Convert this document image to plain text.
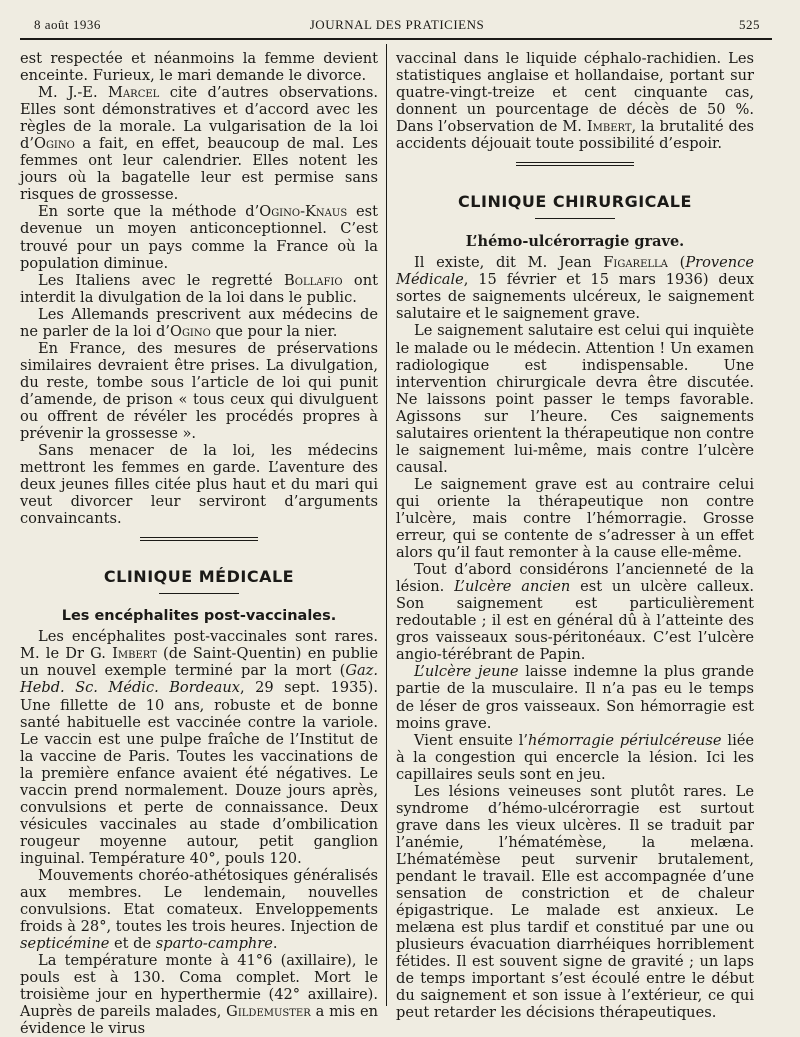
8 août 1936	JOURNAL DES PRATICIENS	525

est respectée et néanmoins la femme devient enceinte. Furieux, le mari demande le divorce.

M. J.-E. Marcel cite d’autres observations. Elles sont démonstratives et d’accord avec les règles de la morale. La vulgarisation de la loi d’Ogino a fait, en effet, beaucoup de mal. Les femmes ont leur calendrier. Elles notent les jours où la bagatelle leur est permise sans risques de grossesse.

En sorte que la méthode d’Ogino-Knaus est devenue un moyen anticonceptionnel. C’est trouvé pour un pays comme la France où la population diminue.

Les Italiens avec le regretté Bollafio ont interdit la divulgation de la loi dans le public.

Les Allemands prescrivent aux médecins de ne parler de la loi d’Ogino que pour la nier.

En France, des mesures de préservations similaires devraient être prises. La divulgation, du reste, tombe sous l’article de loi qui punit d’amende, de prison « tous ceux qui divulguent ou offrent de révéler les procédés propres à prévenir la grossesse ».

Sans menacer de la loi, les médecins mettront les femmes en garde. L’aventure des deux jeunes filles citée plus haut et du mari qui veut divorcer leur serviront d’arguments convaincants.

CLINIQUE MÉDICALE
Les encéphalites post-vaccinales.

Les encéphalites post-vaccinales sont rares. M. le Dr G. Imbert (de Saint-Quentin) en publie un nouvel exemple terminé par la mort (Gaz. Hebd. Sc. Médic. Bordeaux, 29 sept. 1935). Une fillette de 10 ans, robuste et de bonne santé habituelle est vaccinée contre la variole. Le vaccin est une pulpe fraîche de l’Institut de la vaccine de Paris. Toutes les vaccinations de la première enfance avaient été négatives. Le vaccin prend normalement. Douze jours après, convulsions et perte de connaissance. Deux vésicules vaccinales au stade d’ombilication rougeur moyenne autour, petit ganglion inguinal. Température 40°, pouls 120.

Mouvements choréo-athétosiques généralisés aux membres. Le lendemain, nouvelles convulsions. Etat comateux. Enveloppements froids à 28°, toutes les trois heures. Injection de septicémine et de sparto-camphre.

La température monte à 41°6 (axillaire), le pouls est à 130. Coma complet. Mort le troisième jour en hyperthermie (42° axillaire). Auprès de pareils malades, Gildemuster a mis en évidence le virus

vaccinal dans le liquide céphalo-rachidien. Les statistiques anglaise et hollandaise, portant sur quatre-vingt-treize et cent cinquante cas, donnent un pourcentage de décès de 50 %. Dans l’observation de M. Imbert, la brutalité des accidents déjouait toute possibilité d’espoir.

CLINIQUE CHIRURGICALE
L’hémo-ulcérorragie grave.

Il existe, dit M. Jean Figarella (Provence Médicale, 15 février et 15 mars 1936) deux sortes de saignements ulcéreux, le saignement salutaire et le saignement grave.

Le saignement salutaire est celui qui inquiète le malade ou le médecin. Attention ! Un examen radiologique est indispensable. Une intervention chirurgicale devra être discutée. Ne laissons point passer le temps favorable. Agissons sur l’heure. Ces saignements salutaires orientent la thérapeutique non contre le saignement lui-même, mais contre l’ulcère causal.

Le saignement grave est au contraire celui qui oriente la thérapeutique non contre l’ulcère, mais contre l’hémorragie. Grosse erreur, qui se contente de s’adresser à un effet alors qu’il faut remonter à la cause elle-même.

Tout d’abord considérons l’ancienneté de la lésion. L’ulcère ancien est un ulcère calleux. Son saignement est particulièrement redoutable ; il est en général dû à l’atteinte des gros vaisseaux sous-péritonéaux. C’est l’ulcère angio-térébrant de Papin.

L’ulcère jeune laisse indemne la plus grande partie de la musculaire. Il n’a pas eu le temps de léser de gros vaisseaux. Son hémorragie est moins grave.

Vient ensuite l’hémorragie périulcéreuse liée à la congestion qui encercle la lésion. Ici les capillaires seuls sont en jeu.

Les lésions veineuses sont plutôt rares. Le syndrome d’hémo-ulcérorragie est surtout grave dans les vieux ulcères. Il se traduit par l’anémie, l’hématémèse, la melæna. L’hématémèse peut survenir brutalement, pendant le travail. Elle est accompagnée d’une sensation de constriction et de chaleur épigastrique. Le malade est anxieux. Le melæna est plus tardif et constitué par une ou plusieurs évacuation diarrhéiques horriblement fétides. Il est souvent signe de gravité ; un laps de temps important s’est écoulé entre le début du saignement et son issue à l’extérieur, ce qui peut retarder les décisions thérapeutiques.
